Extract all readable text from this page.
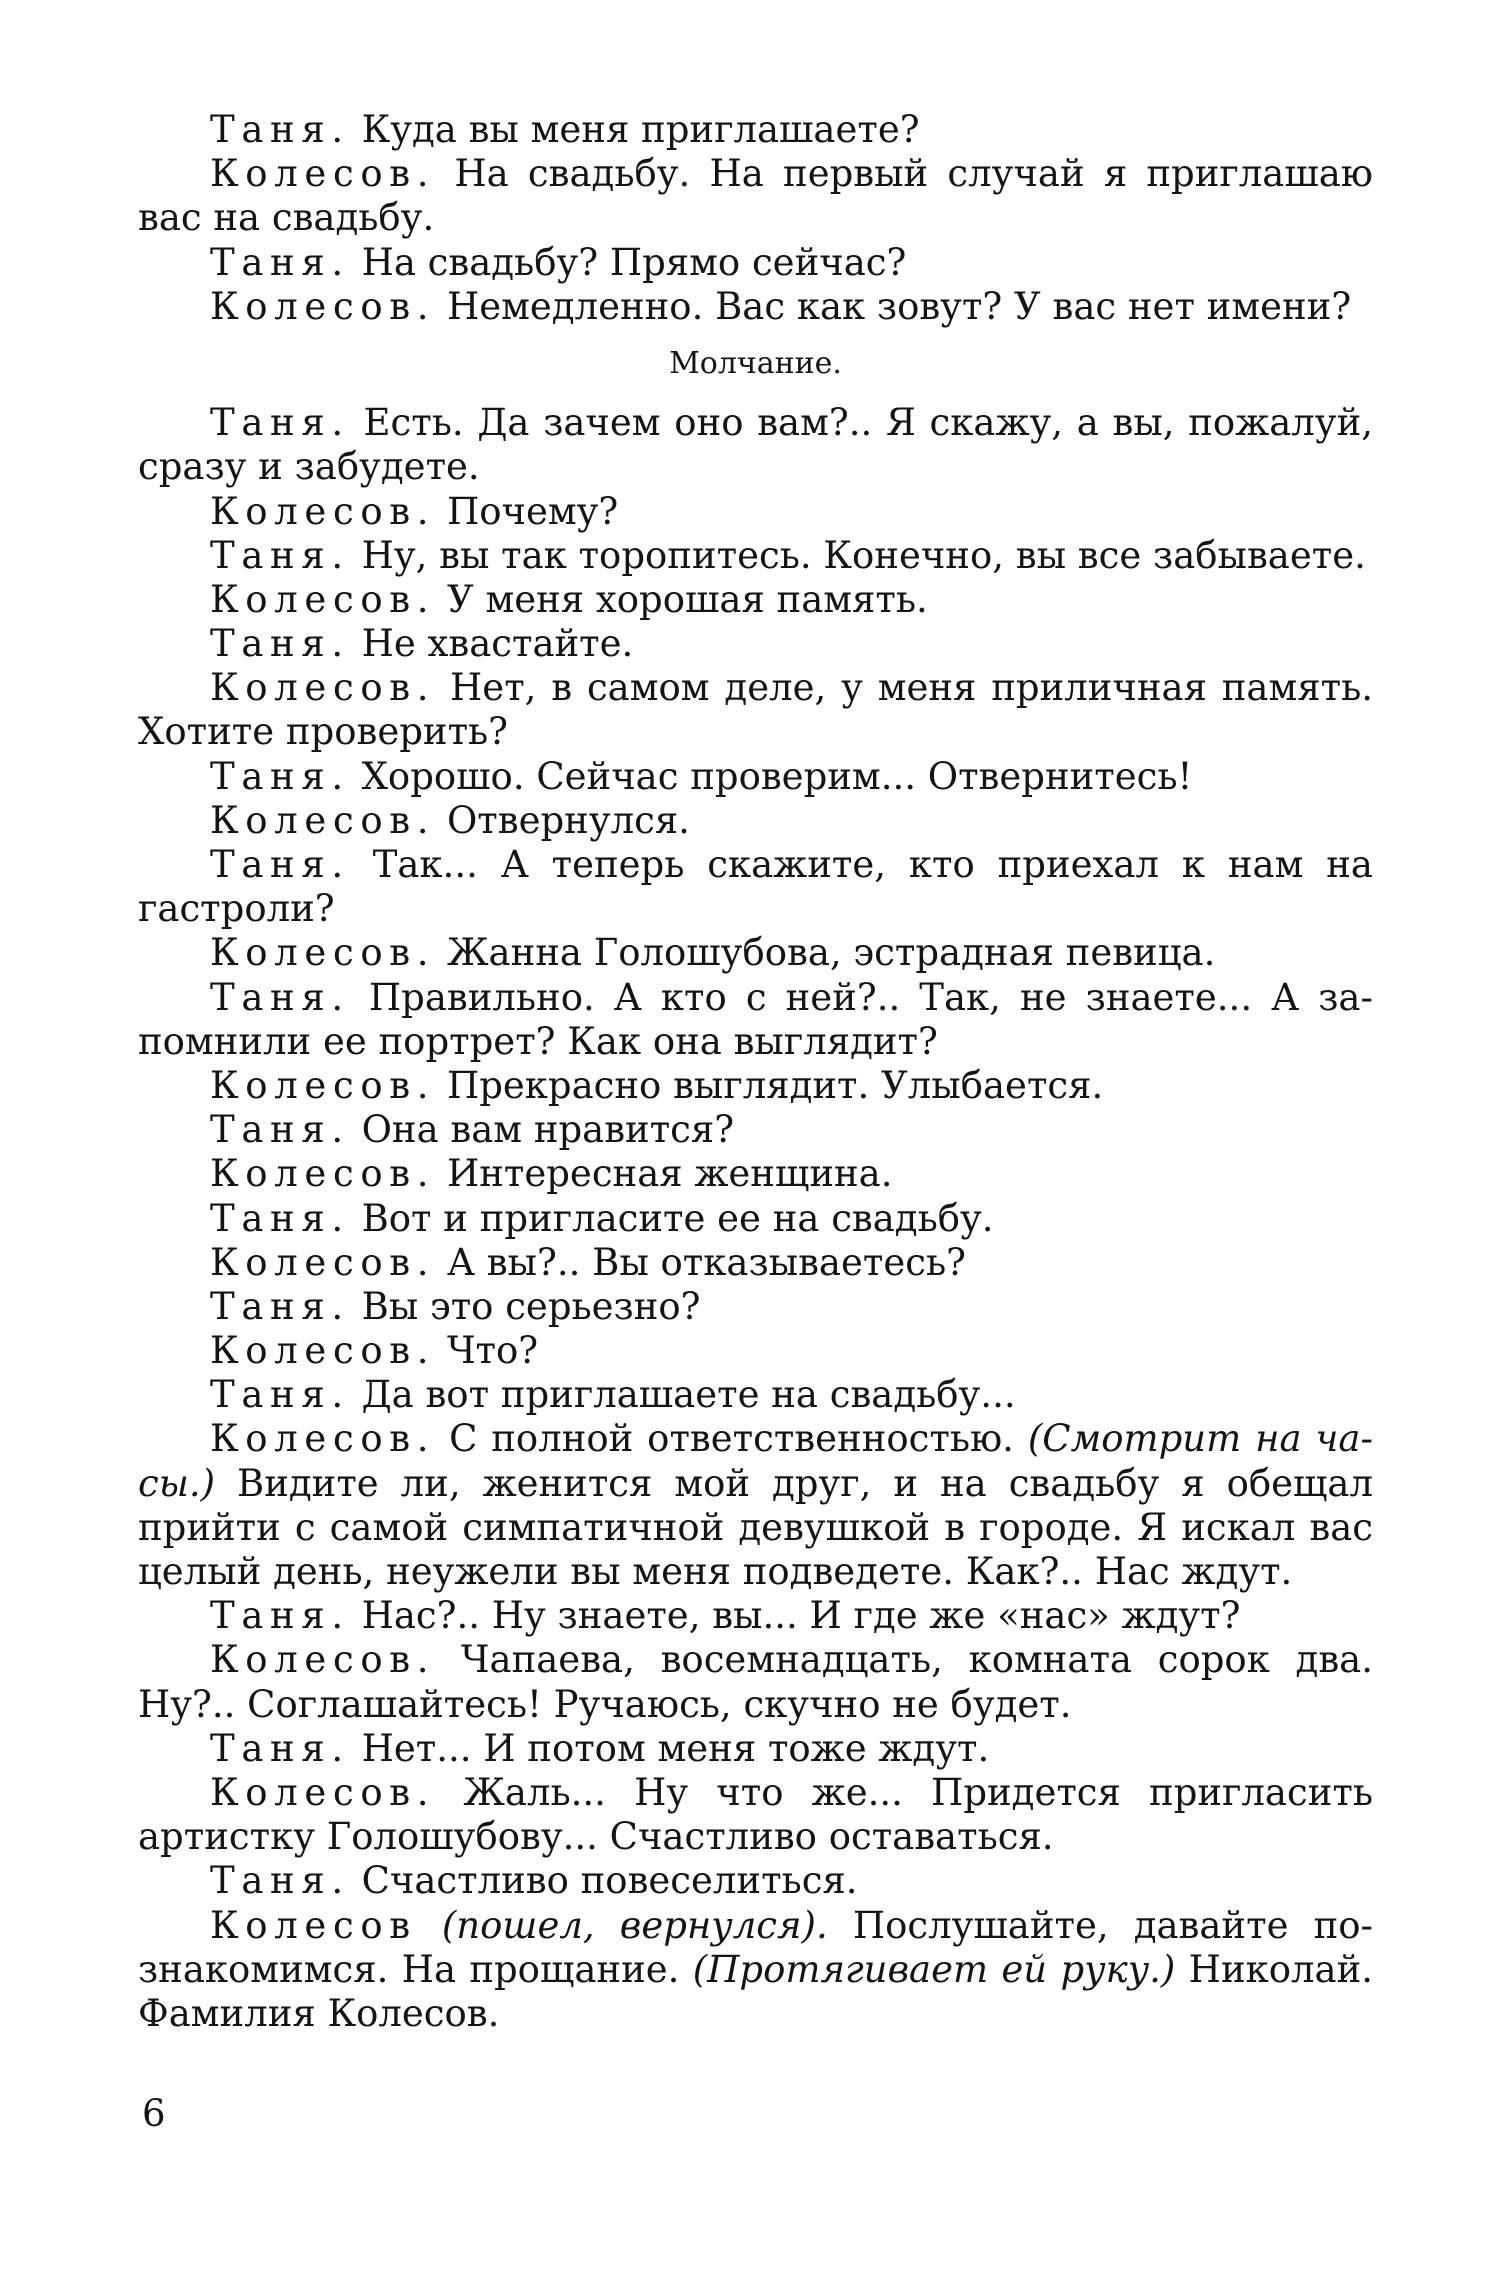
Таня. Куда вы меня приглашаете?
Колесов. На свадьбу. На первый случай я приглашаю
вас на свадьбу.
Таня. На свадьбу? Прямо сейчас?
Колесов. Немедленно. Вас как зовут? У вас нет имени?
Молчание.
Таня. Есть. Да зачем оно вам?.. Я скажу, а вы, пожалуй,
сразу и забудете.
Колесов. Почему?
Таня. Ну, вы так торопитесь. Конечно, вы все забываете.
Колесов. У меня хорошая память.
Таня. Не хвастайте.
Колесов. Нет, в самом деле, у меня приличная память.
Хотите проверить?
Таня. Хорошо. Сейчас проверим... Отвернитесь!
Колесов. Отвернулся.
Таня. Так... А теперь скажите, кто приехал к нам на
гастроли?
Колесов. Жанна Голошубова, эстрадная певица.
Таня. Правильно. А кто с ней?.. Так, не знаете... А за-
помнили ее портрет? Как она выглядит?
Колесов. Прекрасно выглядит. Улыбается.
Таня. Она вам нравится?
Колесов. Интересная женщина.
Таня. Вот и пригласите ее на свадьбу.
Колесов. А вы?.. Вы отказываетесь?
Таня. Вы это серьезно?
Колесов. Что?
Таня. Да вот приглашаете на свадьбу...
Колесов. С полной ответственностью. (Смотрит на ча-
сы.) Видите ли, женится мой друг, и на свадьбу я обещал
прийти с самой симпатичной девушкой в городе. Я искал вас
целый день, неужели вы меня подведете. Как?.. Нас ждут.
Таня. Нас?.. Ну знаете, вы... И где же «нас» ждут?
Колесов. Чапаева, восемнадцать, комната сорок два.
Ну?.. Соглашайтесь! Ручаюсь, скучно не будет.
Таня. Нет... И потом меня тоже ждут.
Колесов. Жаль... Ну что же... Придется пригласить
артистку Голошубову... Счастливо оставаться.
Таня. Счастливо повеселиться.
Колесов (пошел, вернулся). Послушайте, давайте по-
знакомимся. На прощание. (Протягивает ей руку.) Николай.
Фамилия Колесов.
6
